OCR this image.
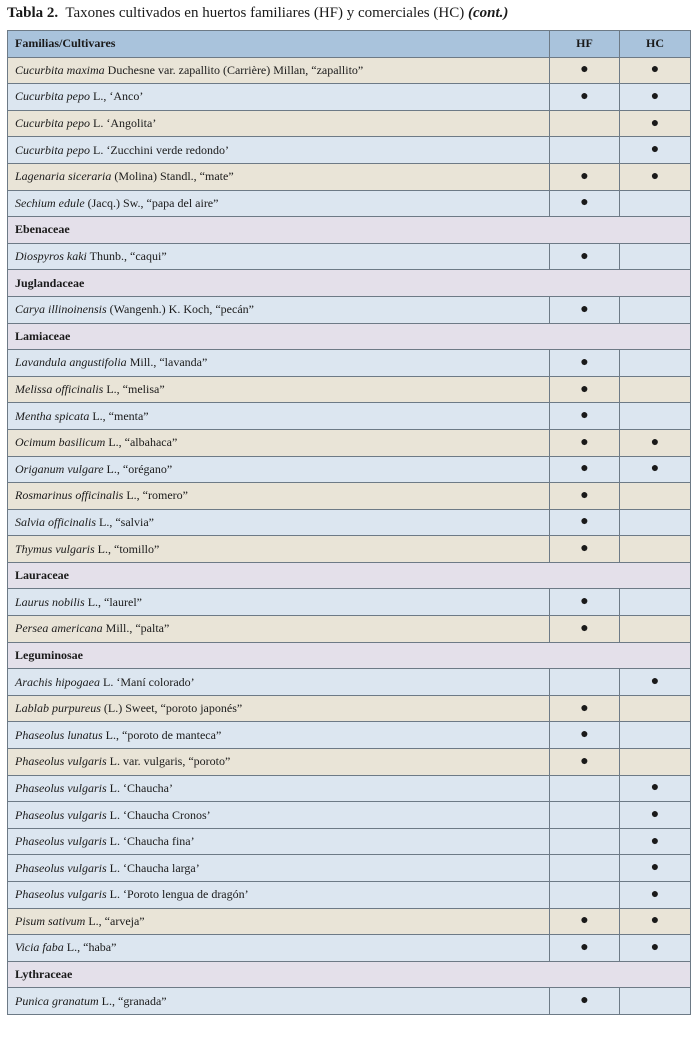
Tabla 2. Taxones cultivados en huertos familiares (HF) y comerciales (HC) (cont.)
Familias/Cultivares	HF	HC
Cucurbita maxima Duchesne var. zapallito (Carrière) Millan, “zapallito”	●	●
Cucurbita pepo L., ‘Anco’	●	●
Cucurbita pepo L. ‘Angolita’		●
Cucurbita pepo L. ‘Zucchini verde redondo’		●
Lagenaria siceraria (Molina) Standl., “mate”	●	●
Sechium edule (Jacq.) Sw., “papa del aire”	●	
Ebenaceae		
Diospyros kaki Thunb., “caqui”	●	
Juglandaceae		
Carya illinoinensis (Wangenh.) K. Koch, “pecán”	●	
Lamiaceae		
Lavandula angustifolia Mill., “lavanda”	●	
Melissa officinalis L., “melisa”	●	
Mentha spicata L., “menta”	●	
Ocimum basilicum L., “albahaca”	●	●
Origanum vulgare L., “orégano”	●	●
Rosmarinus officinalis L., “romero”	●	
Salvia officinalis L., “salvia”	●	
Thymus vulgaris L., “tomillo”	●	
Lauraceae		
Laurus nobilis L., “laurel”	●	
Persea americana Mill., “palta”	●	
Leguminosae		
Arachis hipogaea L. ‘Maní colorado’		●
Lablab purpureus (L.) Sweet, “poroto japonés”	●	
Phaseolus lunatus L., “poroto de manteca”	●	
Phaseolus vulgaris L. var. vulgaris, “poroto”	●	
Phaseolus vulgaris L. ‘Chaucha’		●
Phaseolus vulgaris L. ‘Chaucha Cronos’		●
Phaseolus vulgaris L. ‘Chaucha fina’		●
Phaseolus vulgaris L. ‘Chaucha larga’		●
Phaseolus vulgaris L. ‘Poroto lengua de dragón’		●
Pisum sativum L., “arveja”	●	●
Vicia faba L., “haba”	●	●
Lythraceae		
Punica granatum L., “granada”	●	
